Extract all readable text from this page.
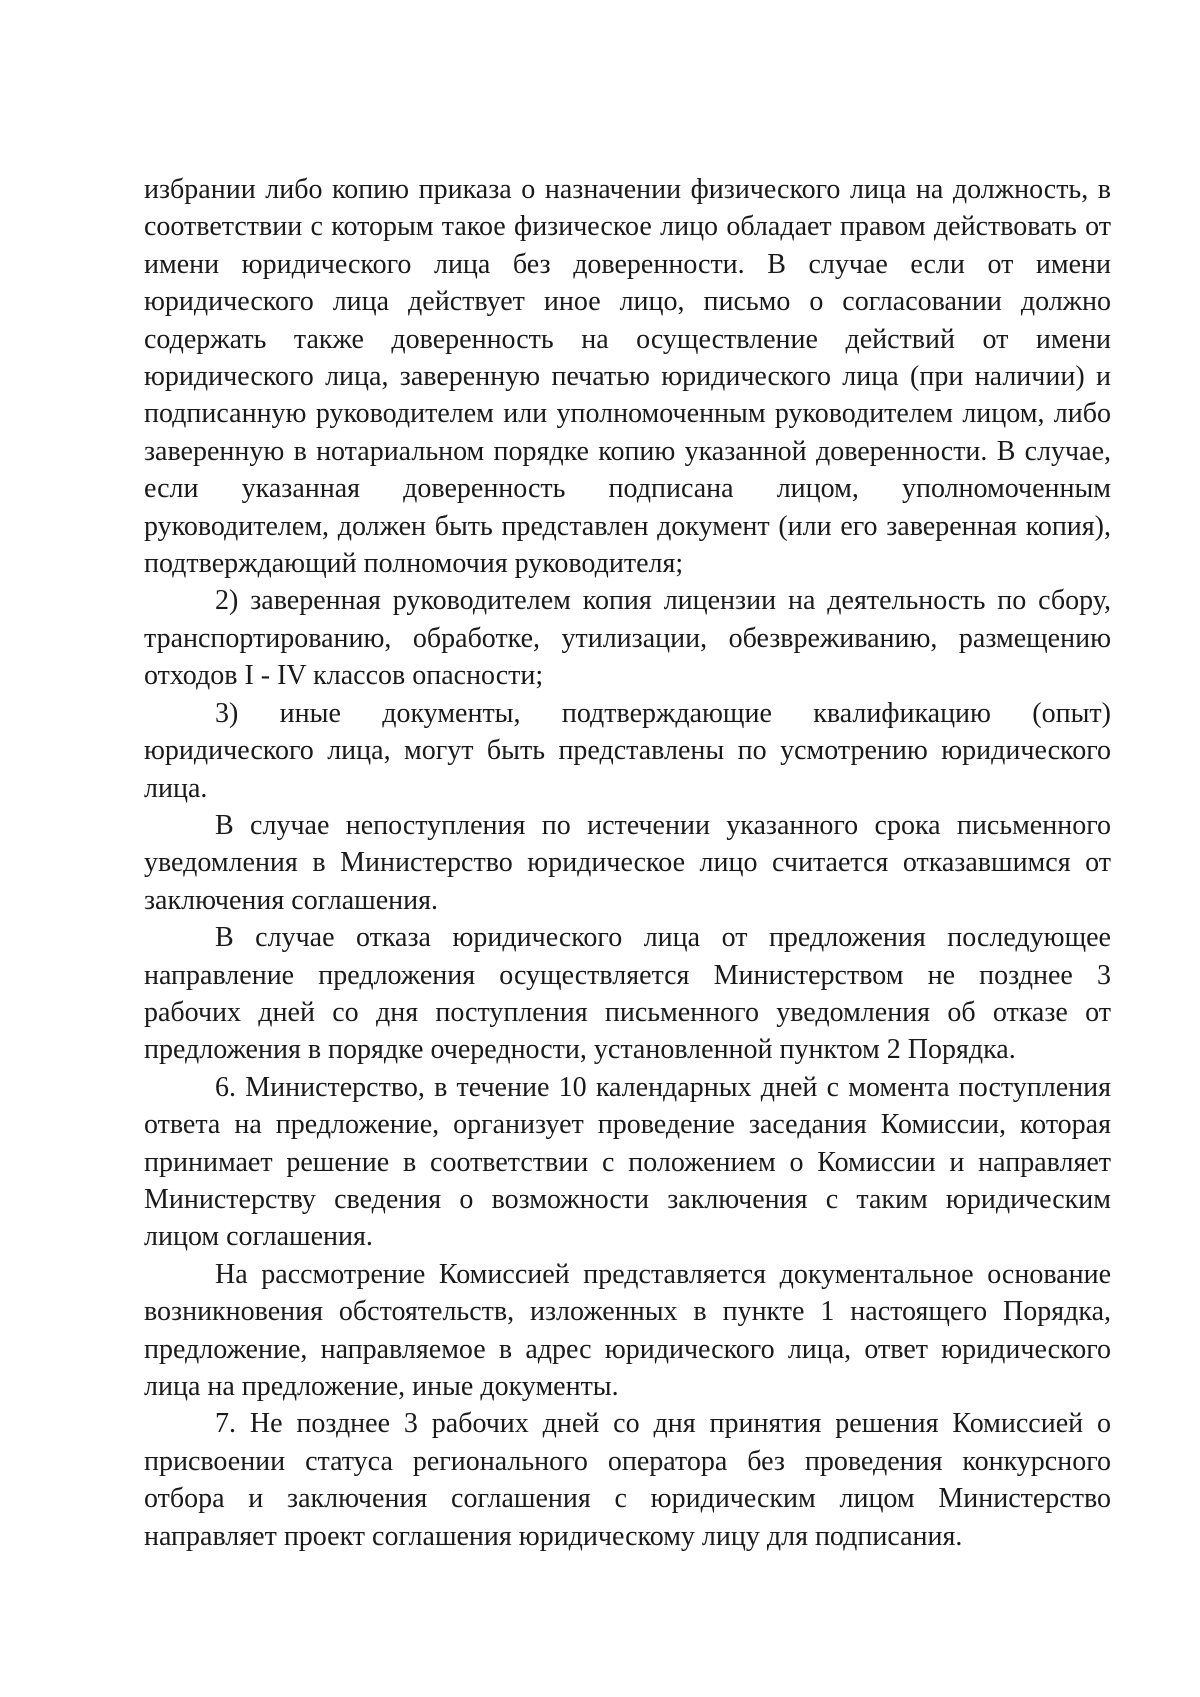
избрании либо копию приказа о назначении физического лица на должность, в соответствии с которым такое физическое лицо обладает правом действовать от имени юридического лица без доверенности. В случае если от имени юридического лица действует иное лицо, письмо о согласовании должно содержать также доверенность на осуществление действий от имени юридического лица, заверенную печатью юридического лица (при наличии) и подписанную руководителем или уполномоченным руководителем лицом, либо заверенную в нотариальном порядке копию указанной доверенности. В случае, если указанная доверенность подписана лицом, уполномоченным руководителем, должен быть представлен документ (или его заверенная копия), подтверждающий полномочия руководителя;

2) заверенная руководителем копия лицензии на деятельность по сбору, транспортированию, обработке, утилизации, обезвреживанию, размещению отходов I - IV классов опасности;

3) иные документы, подтверждающие квалификацию (опыт) юридического лица, могут быть представлены по усмотрению юридического лица.

В случае непоступления по истечении указанного срока письменного уведомления в Министерство юридическое лицо считается отказавшимся от заключения соглашения.

В случае отказа юридического лица от предложения последующее направление предложения осуществляется Министерством не позднее 3 рабочих дней со дня поступления письменного уведомления об отказе от предложения в порядке очередности, установленной пунктом 2 Порядка.

6. Министерство, в течение 10 календарных дней с момента поступления ответа на предложение, организует проведение заседания Комиссии, которая принимает решение в соответствии с положением о Комиссии и направляет Министерству сведения о возможности заключения с таким юридическим лицом соглашения.

На рассмотрение Комиссией представляется документальное основание возникновения обстоятельств, изложенных в пункте 1 настоящего Порядка, предложение, направляемое в адрес юридического лица, ответ юридического лица на предложение, иные документы.

7. Не позднее 3 рабочих дней со дня принятия решения Комиссией о присвоении статуса регионального оператора без проведения конкурсного отбора и заключения соглашения с юридическим лицом Министерство направляет проект соглашения юридическому лицу для подписания.
